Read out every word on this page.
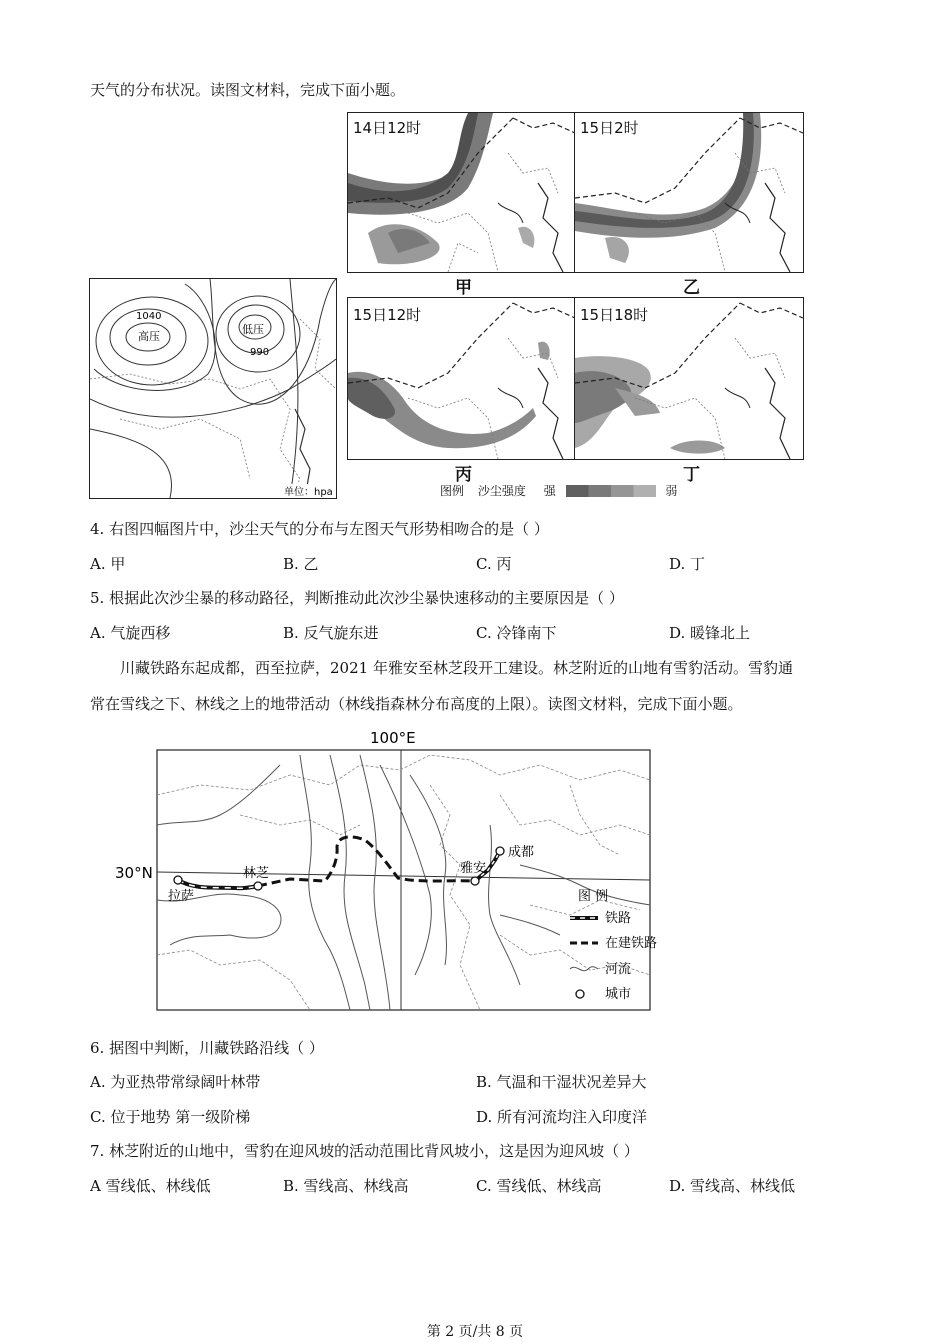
天气的分布状况。读图文材料，完成下面小题。
1040
高压
低压
990
单位：hpa
14日12时	15日2时
15日12时	15日18时
甲	乙
丙	丁
图例 沙尘强度 强	弱
4. 右图四幅图片中，沙尘天气的分布与左图天气形势相吻合的是（ ）
A. 甲	B. 乙	C. 丙	D. 丁
5. 根据此次沙尘暴的移动路径，判断推动此次沙尘暴快速移动的主要原因是（ ）
A. 气旋西移	B. 反气旋东进	C. 冷锋南下	D. 暖锋北上
川藏铁路东起成都，西至拉萨，2021 年雅安至林芝段开工建设。林芝附近的山地有雪豹活动。雪豹通
常在雪线之下、林线之上的地带活动（林线指森林分布高度的上限）。读图文材料，完成下面小题。
100°E
30°N
拉萨
林芝	雅安
成都
图 例
铁路
在建铁路
河流
城市
6. 据图中判断，川藏铁路沿线（ ）
A. 为亚热带常绿阔叶林带	B. 气温和干湿状况差异大
C. 位于地势 第一级阶梯	D. 所有河流均注入印度洋
7. 林芝附近的山地中，雪豹在迎风坡的活动范围比背风坡小，这是因为迎风坡（ ）
A 雪线低、林线低	B. 雪线高、林线高	C. 雪线低、林线高	D. 雪线高、林线低
第 2 页/共 8 页
